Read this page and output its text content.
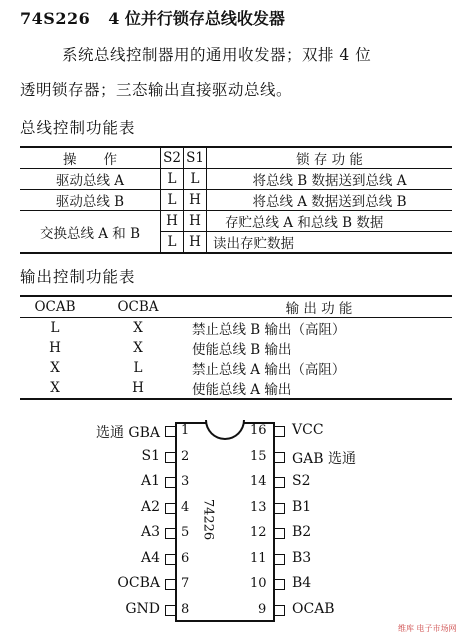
74S226 4 位并行锁存总线收发器
系统总线控制器用的通用收发器；双排 4 位
透明锁存器；三态输出直接驱动总线。
总线控制功能表
操　　作	S2	S1	锁 存 功 能
驱动总线 A	L	L	将总线 B 数据送到总线 A
驱动总线 B	L	H	将总线 A 数据送到总线 B
交换总线 A 和 B	H	H	存贮总线 A 和总线 B 数据
	L	H	读出存贮数据
输出控制功能表
OCAB	OCBA	输 出 功 能
L	X	禁止总线 B 输出（高阻）
H	X	使能总线 B 输出
X	L	禁止总线 A 输出（高阻）
X	H	使能总线 A 输出
74226
1
选通 GBA
2
S1
3
A1
4
A2
5
A3
6
A4
7
OCBA
8
GND
16 VCC
15 GAB 选通
14 S2
13 B1
12 B2
11 B3
10 B4
9 OCAB
维库 电子市场网
